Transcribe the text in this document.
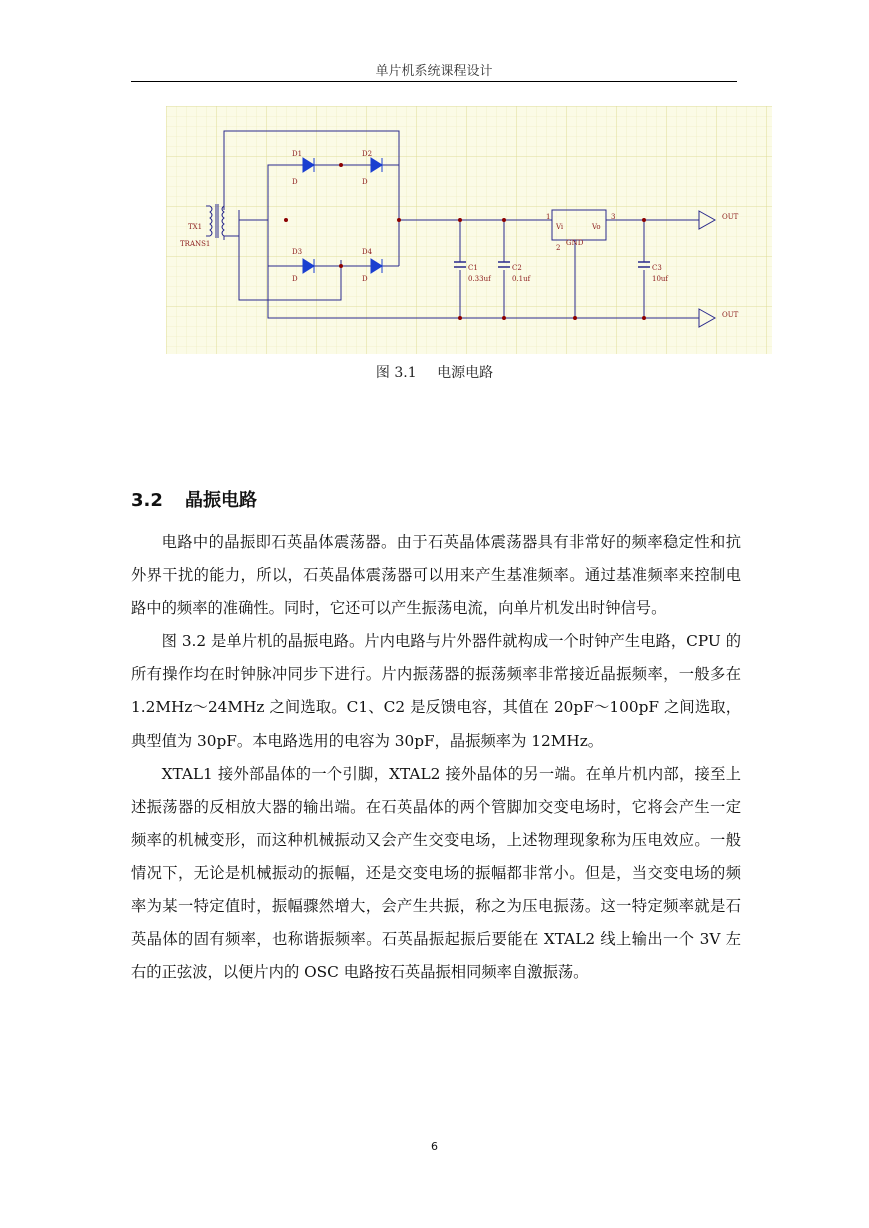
单片机系统课程设计
TX1
TRANS1
D1
D
D2
D
D3
D
D4
D
C1
0.33uf
C2
0.1uf
C3
10uf
1	3
2
Vi	Vo
GND
OUT
OUT
图 3.1 电源电路
3.2 晶振电路

电路中的晶振即石英晶体震荡器。由于石英晶体震荡器具有非常好的频率稳定性和抗外界干扰的能力，所以，石英晶体震荡器可以用来产生基准频率。通过基准频率来控制电路中的频率的准确性。同时，它还可以产生振荡电流，向单片机发出时钟信号。

图 3.2 是单片机的晶振电路。片内电路与片外器件就构成一个时钟产生电路，CPU 的所有操作均在时钟脉冲同步下进行。片内振荡器的振荡频率非常接近晶振频率，一般多在 1.2MHz～24MHz 之间选取。C1、C2 是反馈电容，其值在 20pF～100pF 之间选取，典型值为 30pF。本电路选用的电容为 30pF，晶振频率为 12MHz。

XTAL1 接外部晶体的一个引脚，XTAL2 接外晶体的另一端。在单片机内部，接至上述振荡器的反相放大器的输出端。在石英晶体的两个管脚加交变电场时，它将会产生一定频率的机械变形，而这种机械振动又会产生交变电场，上述物理现象称为压电效应。一般情况下，无论是机械振动的振幅，还是交变电场的振幅都非常小。但是，当交变电场的频率为某一特定值时，振幅骤然增大，会产生共振，称之为压电振荡。这一特定频率就是石英晶体的固有频率，也称谐振频率。石英晶振起振后要能在 XTAL2 线上输出一个 3V 左右的正弦波，以便片内的 OSC 电路按石英晶振相同频率自激振荡。

6
